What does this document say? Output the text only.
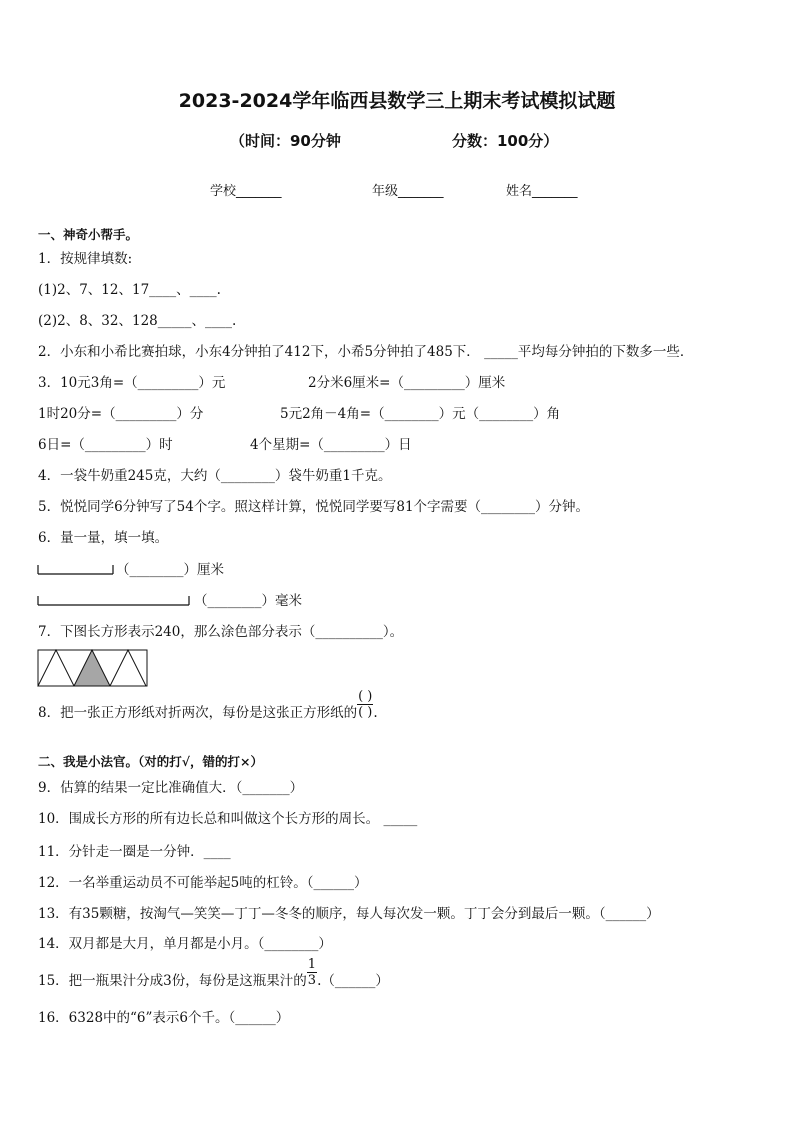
2023-2024学年临西县数学三上期末考试模拟试题
（时间：90分钟	分数：100分）
学校_______	年级_______	姓名_______
一、神奇小帮手。
1．按规律填数:
(1)2、7、12、17____、____.
(2)2、8、32、128_____、____.
2．小东和小希比赛拍球，小东4分钟拍了412下，小希5分钟拍了485下． _____平均每分钟拍的下数多一些．
3．10元3角=（_________）元	2分米6厘米=（_________）厘米
1时20分=（_________）分	5元2角－4角=（________）元（________）角
6日=（_________）时	4个星期=（_________）日
4．一袋牛奶重245克，大约（________）袋牛奶重1千克。
5．悦悦同学6分钟写了54个字。照这样计算，悦悦同学要写81个字需要（________）分钟。
6．量一量，填一填。
（________）厘米
（________）毫米
7．下图长方形表示240，那么涂色部分表示（__________）。
8．把一张正方形纸对折两次，每份是这张正方形纸的 $\frac{( )}{( )}$ .
二、我是小法官。（对的打√，错的打×）
9．估算的结果一定比准确值大．（_______）
10．围成长方形的所有边长总和叫做这个长方形的周长。 _____
11．分针走一圈是一分钟．____
12．一名举重运动员不可能举起5吨的杠铃。（______）
13．有35颗糖，按淘气—笑笑—丁丁—冬冬的顺序，每人每次发一颗。丁丁会分到最后一颗。（______）
14．双月都是大月，单月都是小月。（________）
15．把一瓶果汁分成3份，每份是这瓶果汁的 $\frac{1}{3}$ .（______）
16．6328中的“6”表示6个千。（______）
